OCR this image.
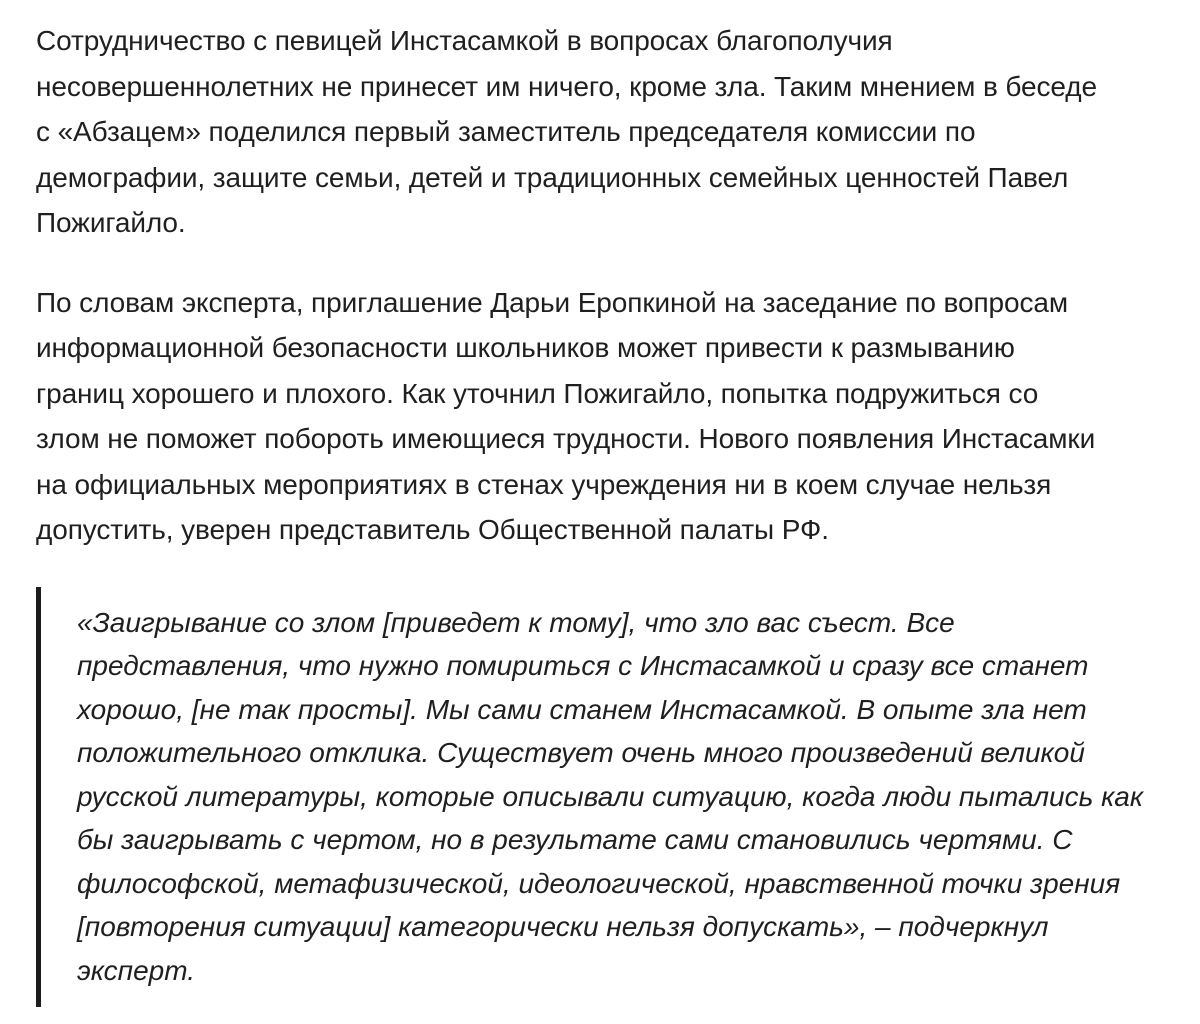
Сотрудничество с певицей Инстасамкой в вопросах благополучия
несовершеннолетних не принесет им ничего, кроме зла. Таким мнением в беседе
с «Абзацем» поделился первый заместитель председателя комиссии по
демографии, защите семьи, детей и традиционных семейных ценностей Павел
Пожигайло.

По словам эксперта, приглашение Дарьи Еропкиной на заседание по вопросам
информационной безопасности школьников может привести к размыванию
границ хорошего и плохого. Как уточнил Пожигайло, попытка подружиться со
злом не поможет побороть имеющиеся трудности. Нового появления Инстасамки
на официальных мероприятиях в стенах учреждения ни в коем случае нельзя
допустить, уверен представитель Общественной палаты РФ.

«Заигрывание со злом [приведет к тому], что зло вас съест. Все
представления, что нужно помириться с Инстасамкой и сразу все станет
хорошо, [не так просты]. Мы сами станем Инстасамкой. В опыте зла нет
положительного отклика. Существует очень много произведений великой
русской литературы, которые описывали ситуацию, когда люди пытались как
бы заигрывать с чертом, но в результате сами становились чертями. С
философской, метафизической, идеологической, нравственной точки зрения
[повторения ситуации] категорически нельзя допускать», – подчеркнул
эксперт.
